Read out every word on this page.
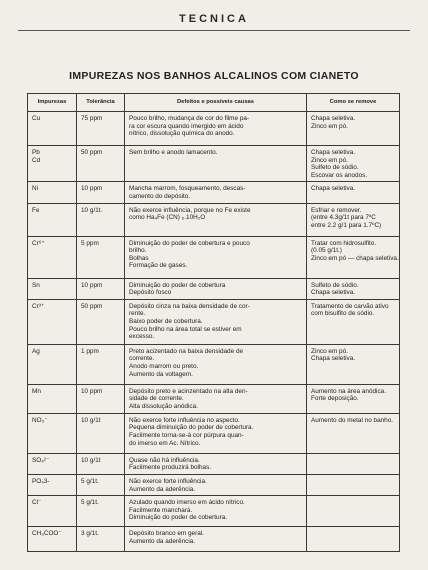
TECNICA
IMPUREZAS NOS BANHOS ALCALINOS COM CIANETO
Impurezas	Tolerância	Defeitos e possíveis causas	Como se remove

Cu	75 ppm	Pouco brilho, mudança de cor do filme pa-
ra cor escura quando imergido em ácido
nítrico, dissolução química do anodo.	Chapa seletiva.
Zinco em pó.

Pb
Cd	50 ppm	Sem brilho e anodo lamacento.	Chapa seletiva.
Zinco em pó.
Sulfeto de sódio.
Escovar os anodos.

Ni	10 ppm	Mancha marrom, fosqueamento, descas-
camento do depósito.	Chapa seletiva.

Fe	10 g/1t.	Não exerce influência, porque no Fe existe
como Ha₄Fe (CN) ₆.10H₂O	Esfriar e remover.
(entre 4.3g/1t para 7ºC
entre 2.2 g/1 para 1.7ºC)

Cr⁶⁺	5 ppm	Diminuição do poder de cobertura e pouco
brilho.
Bolhas
Formação de gases.	Tratar com hidrosulfito.
(0.05 g/1t.)
Zinco em pó — chapa seletiva.

Sn	10 ppm	Diminuição do poder de cobertura
Depósito fosco	Sulfeto de sódio.
Chapa seletiva.

Cr³⁺	50 ppm	Depósito cinza na baixa densidade de cor-
rente.
Baixo poder de cobertura.
Pouco brilho na área total se estiver em
excesso.	Tratamento de carvão ativo
com bisulfito de sódio.

Ag	1 ppm	Preto acizentado na baixa densidade de
corrente.
Anodo marrom ou preto.
Aumento da voltagem.	Zinco em pó.
Chapa seletiva.

Mn	10 ppm	Depósito preto e acinzentado na alta den-
sidade de corrente.
Alta dissolução anódica.	Aumento na área anódica.
Forte deposição.

NO₃⁻	10 g/1t	Não exerce forte influência no aspecto.
Pequena diminuição do poder de cobertura.
Facilmente torna-se-á cor púrpura quan-
do imerso em Ac. Nítrico.	Aumento do metal no banho.

SO₄²⁻	10 g/1t	Quase não há influência.
Facilmente produzirá bolhas.	

PO₄3-	5 g/1t.	Não exerce forte influência.
Aumento da aderência.	

Cl⁻	5 g/1t.	Azulado quando imerso em ácido nítrico.
Facilmente manchará.
Diminuição do poder de cobertura.	

CH₃COO⁻	3 g/1t.	Depósito branco em geral.
Aumento da aderência.	
